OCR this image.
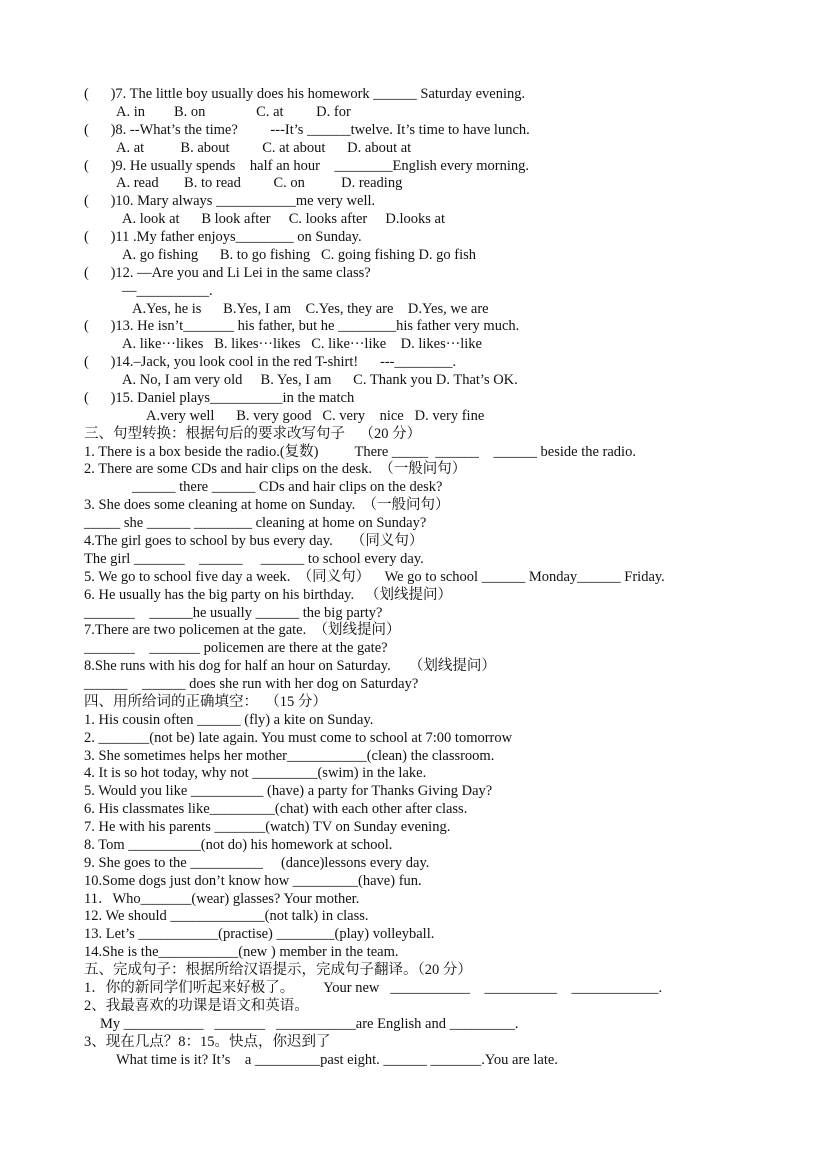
(      )7. The little boy usually does his homework ______ Saturday evening.
A. in        B. on              C. at         D. for
(      )8. --What’s the time?         ---It’s ______twelve. It’s time to have lunch.
A. at          B. about         C. at about      D. about at
(      )9. He usually spends    half an hour    ________English every morning.
A. read       B. to read         C. on          D. reading
(      )10. Mary always ___________me very well.
A. look at      B look after     C. looks after     D.looks at
(      )11 .My father enjoys________ on Sunday.
A. go fishing      B. to go fishing   C. going fishing D. go fish
(      )12. —Are you and Li Lei in the same class?
—__________.
A.Yes, he is      B.Yes, I am    C.Yes, they are    D.Yes, we are
(      )13. He isn’t_______ his father, but he ________his father very much.
A. like···likes   B. likes···likes   C. like···like    D. likes···like
(      )14.–Jack, you look cool in the red T-shirt!      ---________.
A. No, I am very old     B. Yes, I am      C. Thank you D. That’s OK.
(      )15. Daniel plays__________in the match
A.very well      B. very good   C. very    nice   D. very fine
三、句型转换：根据句后的要求改写句子    （20 分）
1. There is a box beside the radio.(复数)          There _____  ______    ______ beside the radio.
2. There are some CDs and hair clips on the desk.  （一般问句）
______ there ______ CDs and hair clips on the desk?
3. She does some cleaning at home on Sunday.  （一般问句）
_____ she ______ ________ cleaning at home on Sunday?
4.The girl goes to school by bus every day.     （同义句）
The girl _______    ______     ______ to school every day.
5. We go to school five day a week.  （同义句）    We go to school ______ Monday______ Friday.
6. He usually has the big party on his birthday.   （划线提问）
_______    ______he usually ______ the big party?
7.There are two policemen at the gate.  （划线提问）
_______    _______ policemen are there at the gate?
8.She runs with his dog for half an hour on Saturday.     （划线提问）
______    ______ does she run with her dog on Saturday?
四、用所给词的正确填空：  （15 分）
1. His cousin often ______ (fly) a kite on Sunday.
2. _______(not be) late again. You must come to school at 7:00 tomorrow
3. She sometimes helps her mother___________(clean) the classroom.
4. It is so hot today, why not _________(swim) in the lake.
5. Would you like __________ (have) a party for Thanks Giving Day?
6. His classmates like_________(chat) with each other after class.
7. He with his parents _______(watch) TV on Sunday evening.
8. Tom __________(not do) his homework at school.
9. She goes to the __________     (dance)lessons every day.
10.Some dogs just don’t know how _________(have) fun.
11．Who_______(wear) glasses? Your mother.
12. We should _____________(not talk) in class.
13. Let’s ___________(practise) ________(play) volleyball.
14.She is the___________(new ) member in the team.
五、完成句子：根据所给汉语提示，完成句子翻译。（20 分）
1．你的新同学们听起来好极了。        Your new   ___________    __________    ____________.
2、我最喜欢的功课是语文和英语。
My ___________   _______   ___________are English and _________.
3、现在几点？8：15。快点，你迟到了
What time is it? It’s    a _________past eight. ______ _______.You are late.
